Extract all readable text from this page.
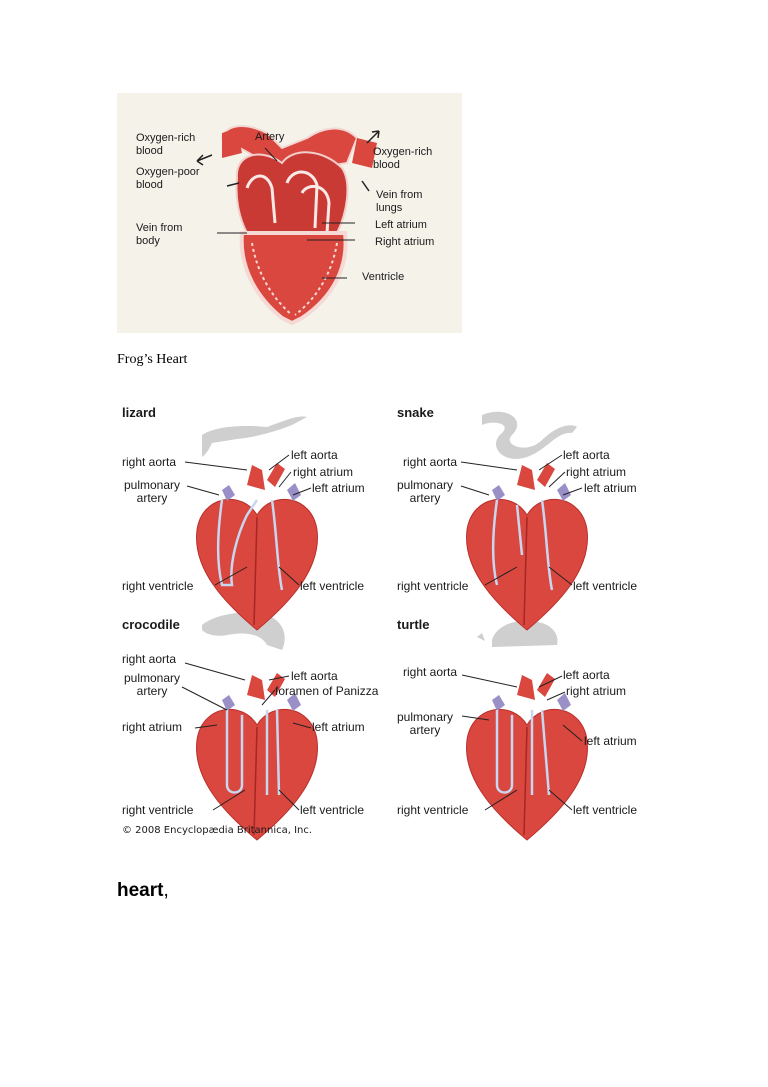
Oxygen-rich
blood
Oxygen-poor
blood
Artery
Oxygen-rich
blood
Vein from
lungs
Left atrium
Right atrium
Vein from
body
Ventricle
Frog’s Heart
lizard
right aorta	left aorta
right atrium
left atrium
pulmonary
artery
right ventricle	left ventricle
snake
right aorta	left aorta
right atrium
left atrium
pulmonary
artery
right ventricle	left ventricle
crocodile
right aorta
pulmonary
artery
left aorta
foramen of Panizza
right atrium	left atrium
right ventricle	left ventricle
turtle
right aorta	left aorta
right atrium
pulmonary
artery
left atrium
right ventricle	left ventricle
© 2008 Encyclopædia Britannica, Inc.
heart,
